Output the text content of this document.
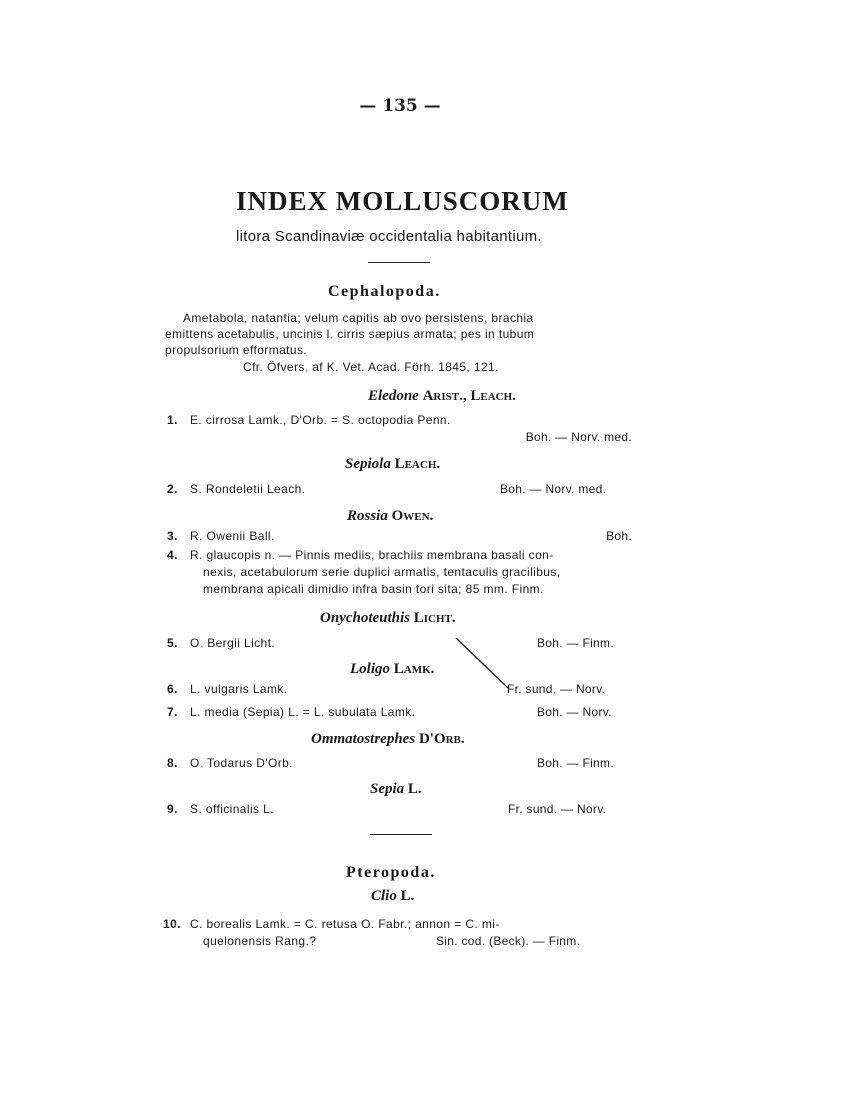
— 135 —
INDEX MOLLUSCORUM
litora Scandinaviæ occidentalia habitantium.
Cephalopoda.
Ametabola, natantia; velum capitis ab ovo persistens, brachia
emittens acetabulis, uncinis l. cirris sæpius armata; pes in tubum
propulsorium efformatus.
Cfr. Öfvers. af K. Vet. Acad. Förh. 1845, 121.
Eledone Arist., Leach.
1. E. cirrosa Lamk., D'Orb. = S. octopodia Penn.
Boh. — Norv. med.
Sepiola Leach.
2. S. Rondeletii Leach.	Boh. — Norv. med.
Rossia Owen.
3. R. Owenii Ball.	Boh.
4. R. glaucopis n. — Pinnis mediis, brachiis membrana basali con-
nexis, acetabulorum serie duplici armatis, tentaculis gracilibus,
membrana apicali dimidio infra basin tori sita; 85 mm. Finm.
Onychoteuthis Licht.
5. O. Bergii Licht.	Boh. — Finm.
Loligo Lamk.
6. L. vulgaris Lamk.	Fr. sund. — Norv.
7. L. media (Sepia) L. = L. subulata Lamk.	Boh. — Norv.
Ommatostrephes D'Orb.
8. O. Todarus D'Orb.	Boh. — Finm.
Sepia L.
9. S. officinalis L.	Fr. sund. — Norv.
Pteropoda.
Clio L.
10. C. borealis Lamk. = C. retusa O. Fabr.; annon = C. mi-
quelonensis Rang.?	Sin. cod. (Beck). — Finm.
